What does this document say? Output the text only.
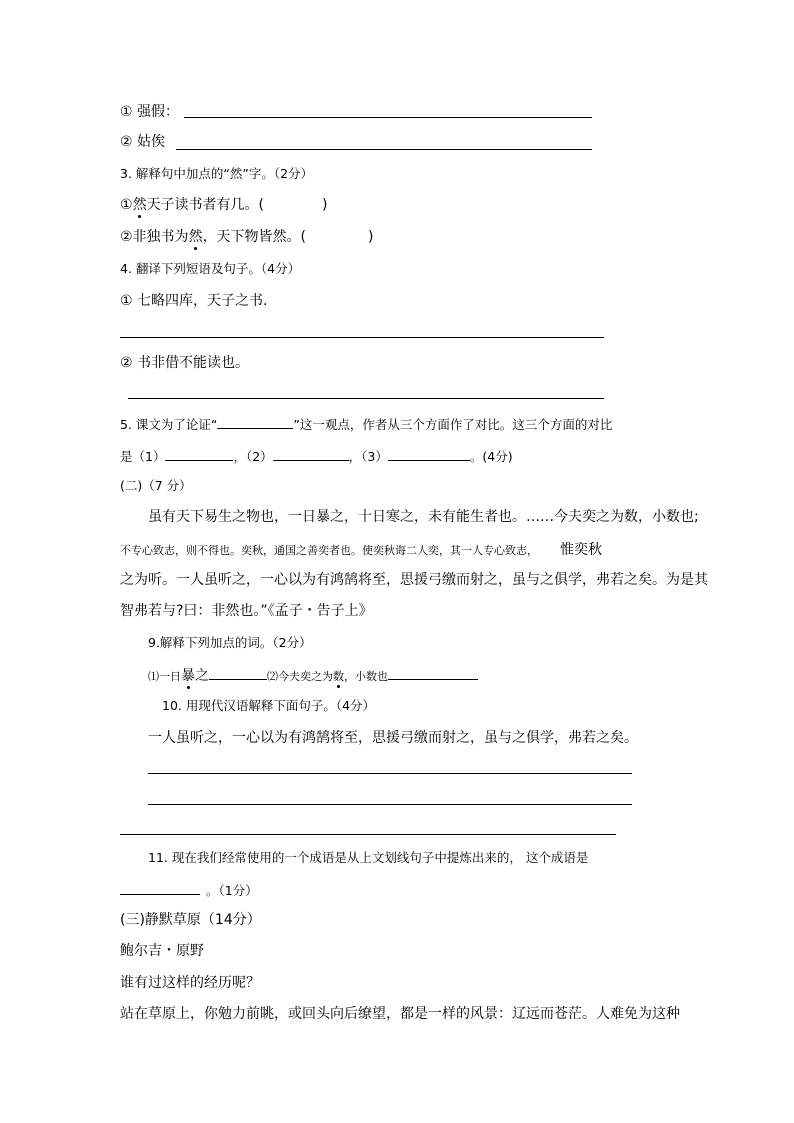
① 强假：
② 姑俟
3. 解释句中加点的“然”字。（2分）
①然天子读书者有几。(	)
②非独书为然，天下物皆然。(	)
4. 翻译下列短语及句子。（4分）
① 七略四库，天子之书.
② 书非借不能读也。
5. 课文为了论证“	”这一观点，作者从三个方面作了对比。这三个方面的对比
是（1）	，（2）	，（3）	。(4分)
(二)（7 分）
虽有天下易生之物也，一日暴之，十日寒之，未有能生者也。……今夫奕之为数，小数也;
不专心致志，则不得也。奕秋，通国之善奕者也。使奕秋诲二人奕，其一人专心致志， 惟奕秋
之为听。一人虽听之，一心以为有鸿鹄将至，思援弓缴而射之，虽与之俱学，弗若之矣。为是其
智弗若与?曰：非然也。”《孟子・告子上》
9.解释下列加点的词。（2分）
⑴一日暴之	⑵今夫奕之为数，小数也
10. 用现代汉语解释下面句子。（4分）
一人虽听之，一心以为有鸿鹄将至，思援弓缴而射之，虽与之俱学，弗若之矣。
11. 现在我们经常使用的一个成语是从上文划线句子中提炼出来的， 这个成语是
。（1分）
(三)静默草原（14分）
鲍尔吉・原野
谁有过这样的经历呢？
站在草原上，你勉力前眺，或回头向后缭望，都是一样的风景：辽远而苍茫。人难免为这种
